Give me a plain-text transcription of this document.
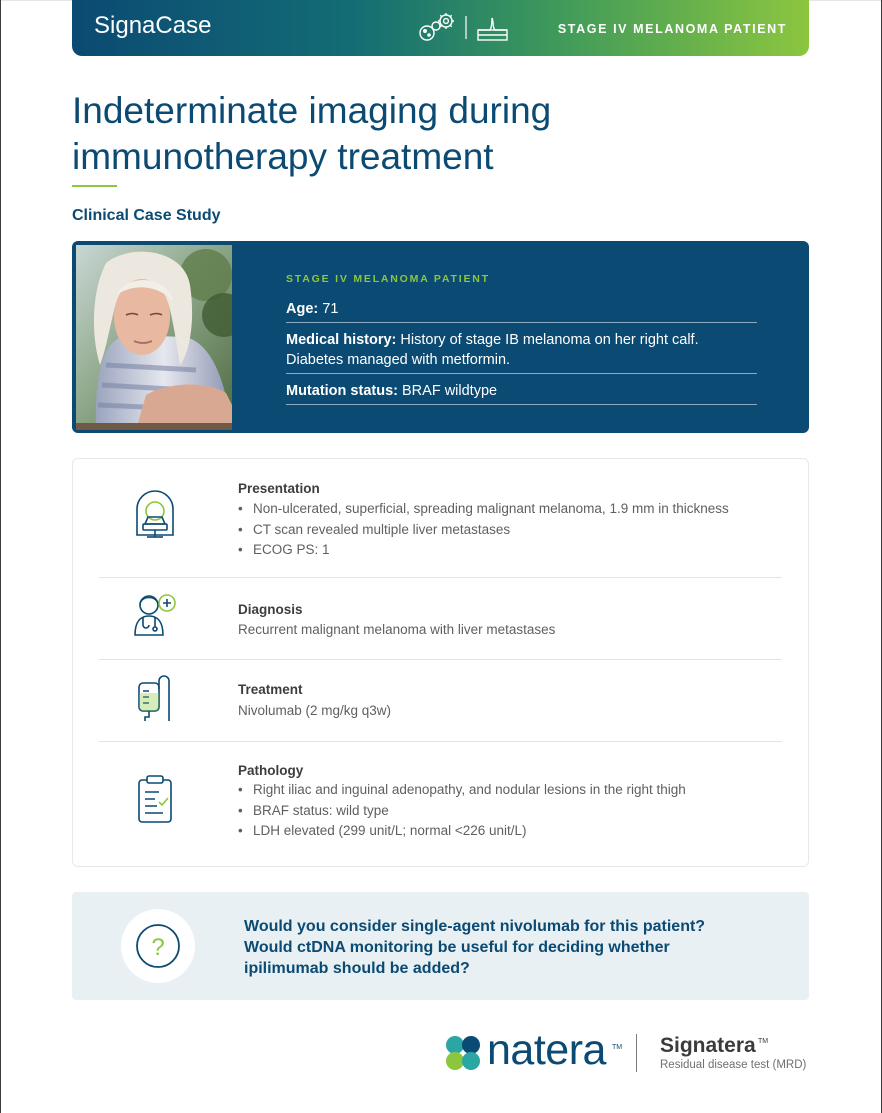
SignaCase	STAGE IV MELANOMA PATIENT
Indeterminate imaging during immunotherapy treatment
Clinical Case Study
STAGE IV MELANOMA PATIENT
Age: 71
Medical history: History of stage IB melanoma on her right calf. Diabetes managed with metformin.
Mutation status: BRAF wildtype
Presentation
• Non-ulcerated, superficial, spreading malignant melanoma, 1.9 mm in thickness
• CT scan revealed multiple liver metastases
• ECOG PS: 1
Diagnosis
Recurrent malignant melanoma with liver metastases
Treatment
Nivolumab (2 mg/kg q3w)
Pathology
• Right iliac and inguinal adenopathy, and nodular lesions in the right thigh
• BRAF status: wild type
• LDH elevated (299 unit/L; normal <226 unit/L)
?

Would you consider single-agent nivolumab for this patient? Would ctDNA monitoring be useful for deciding whether ipilimumab should be added?

natera TM Signatera TM
Residual disease test (MRD)
